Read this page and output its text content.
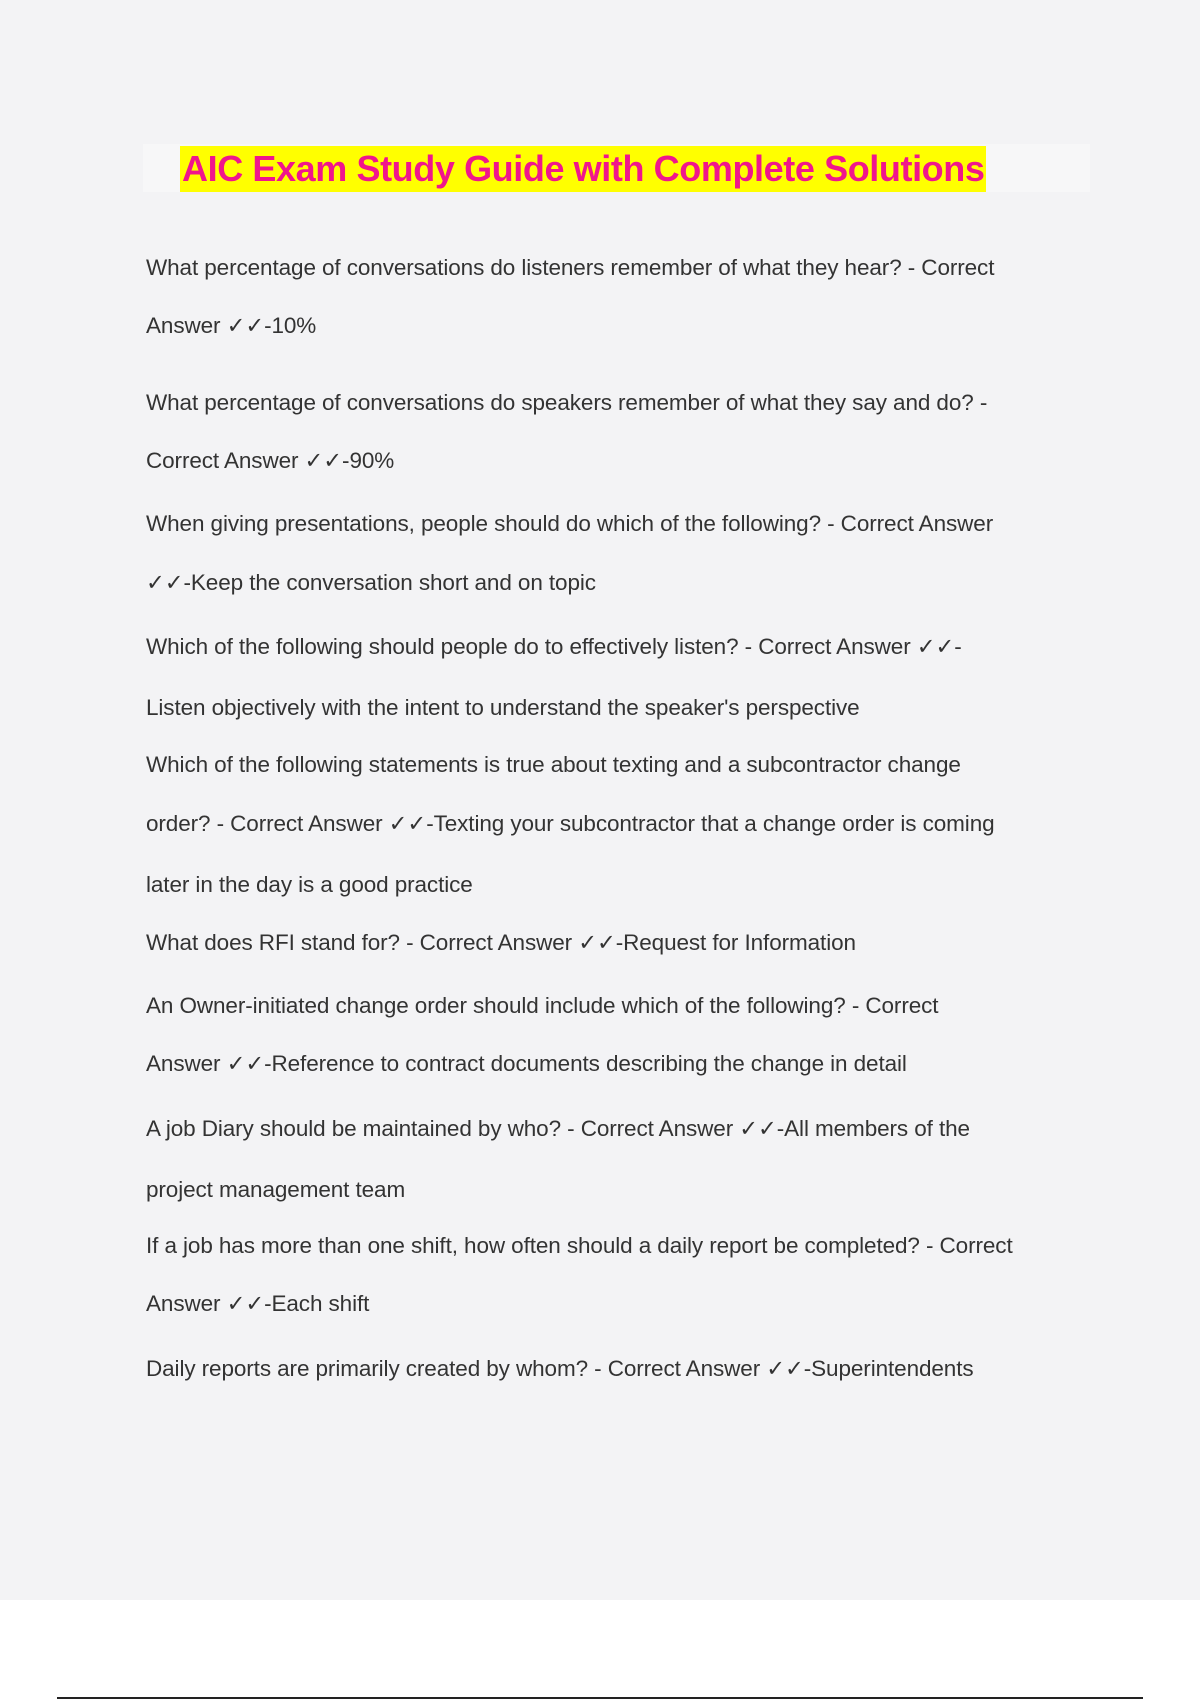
AIC Exam Study Guide with Complete Solutions
What percentage of conversations do listeners remember of what they hear? - Correct
Answer ✓✓-10%
What percentage of conversations do speakers remember of what they say and do? -
Correct Answer ✓✓-90%
When giving presentations, people should do which of the following? - Correct Answer
✓✓-Keep the conversation short and on topic
Which of the following should people do to effectively listen? - Correct Answer ✓✓-
Listen objectively with the intent to understand the speaker's perspective
Which of the following statements is true about texting and a subcontractor change
order? - Correct Answer ✓✓-Texting your subcontractor that a change order is coming
later in the day is a good practice
What does RFI stand for? - Correct Answer ✓✓-Request for Information
An Owner-initiated change order should include which of the following? - Correct
Answer ✓✓-Reference to contract documents describing the change in detail
A job Diary should be maintained by who? - Correct Answer ✓✓-All members of the
project management team
If a job has more than one shift, how often should a daily report be completed? - Correct
Answer ✓✓-Each shift
Daily reports are primarily created by whom? - Correct Answer ✓✓-Superintendents
